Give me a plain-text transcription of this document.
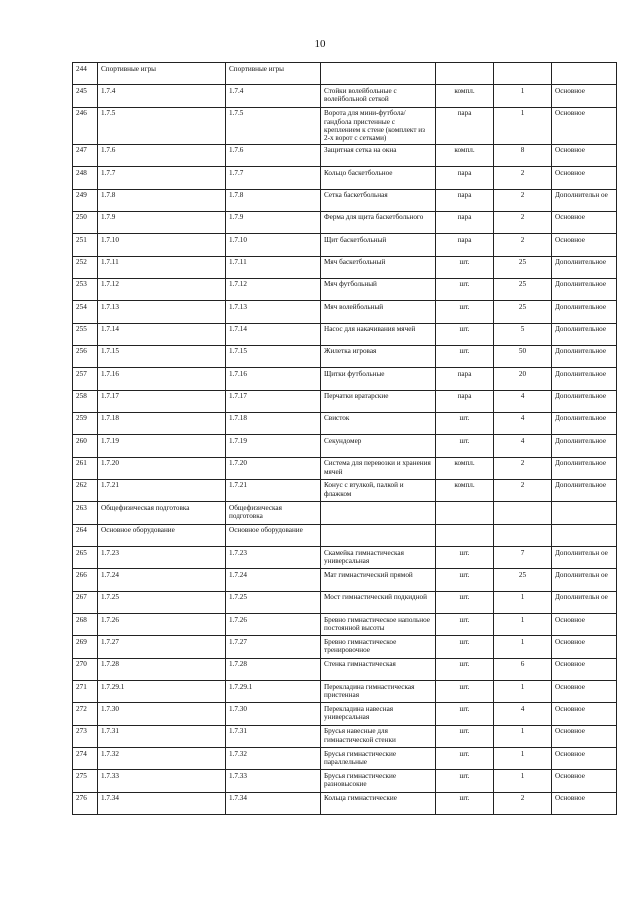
10
244	Спортивные игры	Спортивные игры				
245	1.7.4	1.7.4	Стойки волейбольные с волейбольной сеткой	компл.	1	Основное
246	1.7.5	1.7.5	Ворота для мини-футбола/гандбола пристенные с креплением к стене (комплект из 2-х ворот с сетками)	пара	1	Основное
247	1.7.6	1.7.6	Защитная сетка на окна	компл.	8	Основное
248	1.7.7	1.7.7	Кольцо баскетбольное	пара	2	Основное
249	1.7.8	1.7.8	Сетка баскетбольная	пара	2	Дополнительн ое
250	1.7.9	1.7.9	Ферма для щита баскетбольного	пара	2	Основное
251	1.7.10	1.7.10	Щит баскетбольный	пара	2	Основное
252	1.7.11	1.7.11	Мяч баскетбольный	шт.	25	Дополнительное
253	1.7.12	1.7.12	Мяч футбольный	шт.	25	Дополнительное
254	1.7.13	1.7.13	Мяч волейбольный	шт.	25	Дополнительное
255	1.7.14	1.7.14	Насос для накачивания мячей	шт.	5	Дополнительное
256	1.7.15	1.7.15	Жилетка игровая	шт.	50	Дополнительное
257	1.7.16	1.7.16	Щитки футбольные	пара	20	Дополнительное
258	1.7.17	1.7.17	Перчатки вратарские	пара	4	Дополнительное
259	1.7.18	1.7.18	Свисток	шт.	4	Дополнительное
260	1.7.19	1.7.19	Секундомер	шт.	4	Дополнительное
261	1.7.20	1.7.20	Система для перевозки и хранения мячей	компл.	2	Дополнительное
262	1.7.21	1.7.21	Конус с втулкой, палкой и флажком	компл.	2	Дополнительное
263	Общефизическая подготовка	Общефизическая подготовка				
264	Основное оборудование	Основное оборудование				
265	1.7.23	1.7.23	Скамейка гимнастическая универсальная	шт.	7	Дополнительн ое
266	1.7.24	1.7.24	Мат гимнастический прямой	шт.	25	Дополнительн ое
267	1.7.25	1.7.25	Мост гимнастический подкидной	шт.	1	Дополнительн ое
268	1.7.26	1.7.26	Бревно гимнастическое напольное постоянной высоты	шт.	1	Основное
269	1.7.27	1.7.27	Бревно гимнастическое тренировочное	шт.	1	Основное
270	1.7.28	1.7.28	Стенка гимнастическая	шт.	6	Основное
271	1.7.29.1	1.7.29.1	Перекладина гимнастическая пристенная	шт.	1	Основное
272	1.7.30	1.7.30	Перекладина навесная универсальная	шт.	4	Основное
273	1.7.31	1.7.31	Брусья навесные для гимнастической стенки	шт.	1	Основное
274	1.7.32	1.7.32	Брусья гимнастические параллельные	шт.	1	Основное
275	1.7.33	1.7.33	Брусья гимнастические разновысокие	шт.	1	Основное
276	1.7.34	1.7.34	Кольца гимнастические	шт.	2	Основное
